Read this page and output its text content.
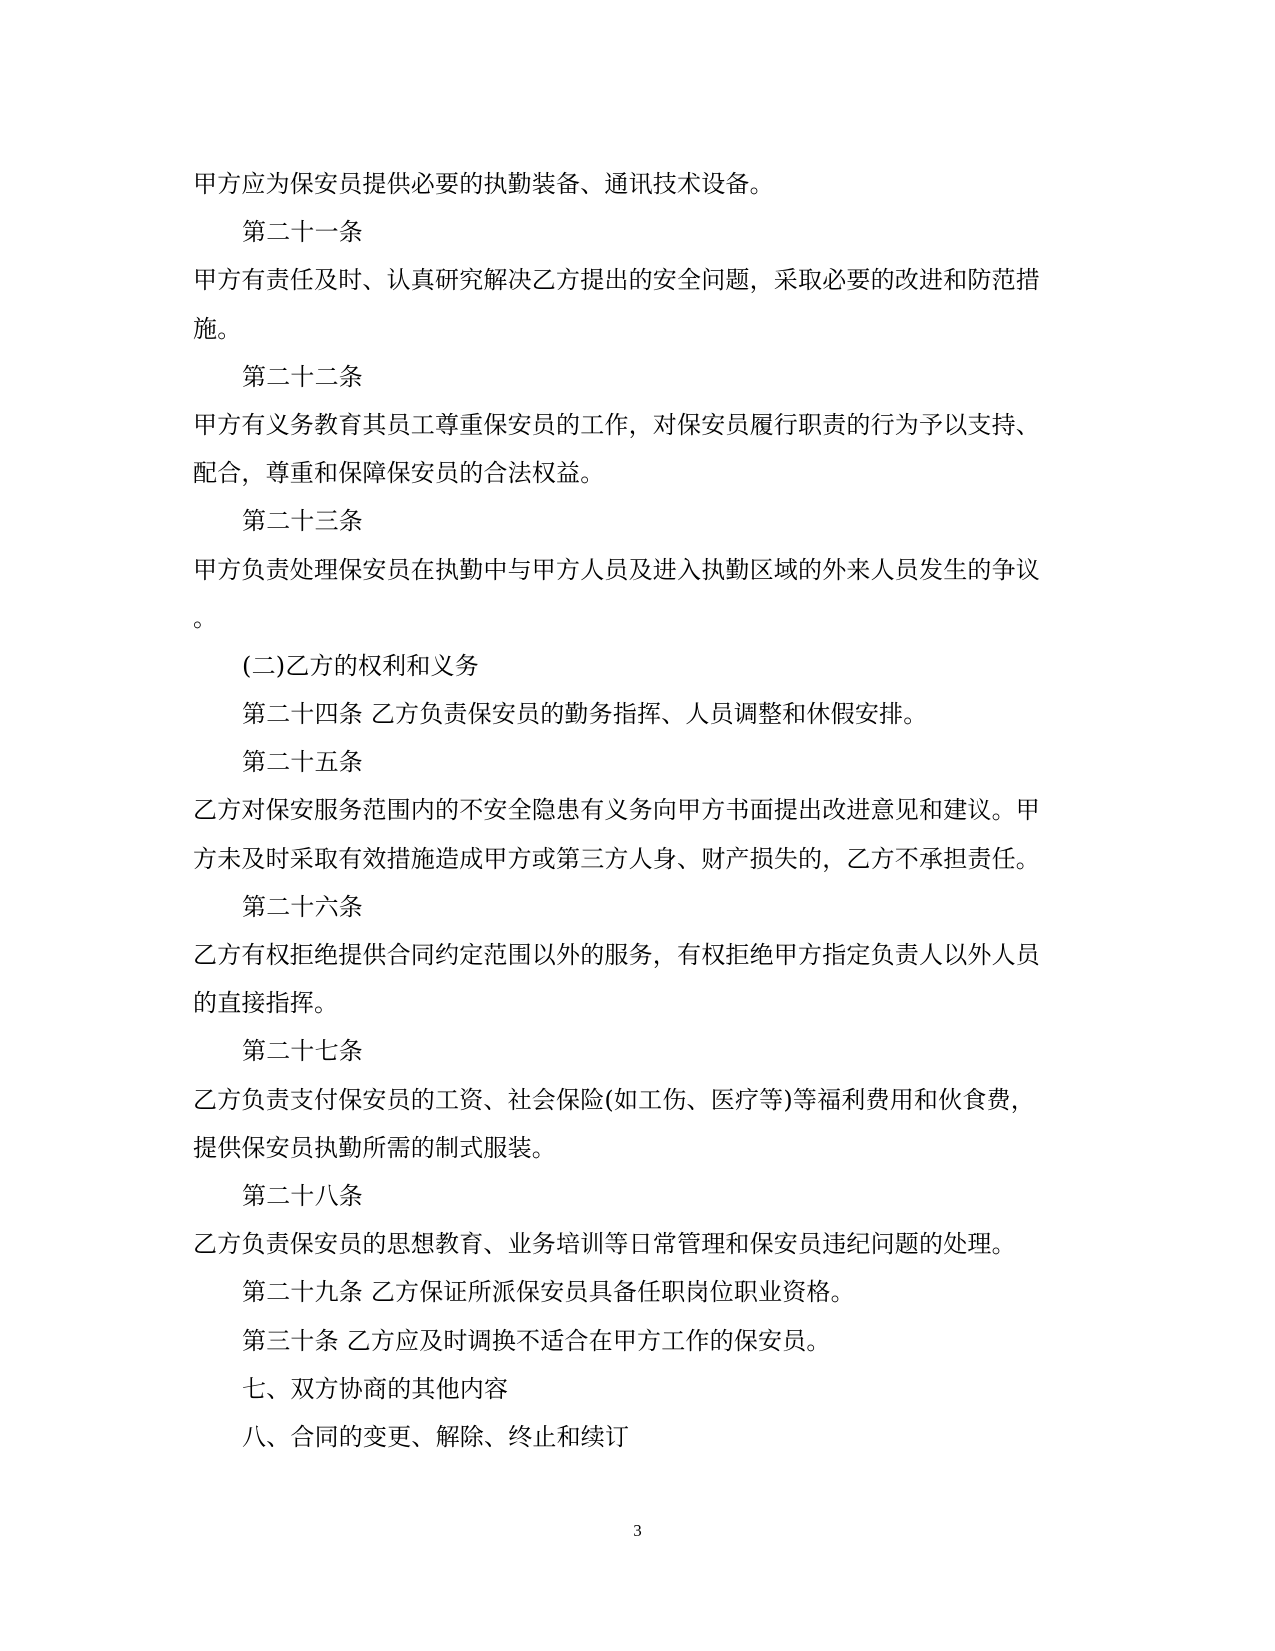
甲方应为保安员提供必要的执勤装备、通讯技术设备。
第二十一条
甲方有责任及时、认真研究解决乙方提出的安全问题，采取必要的改进和防范措
施。
第二十二条
甲方有义务教育其员工尊重保安员的工作，对保安员履行职责的行为予以支持、
配合，尊重和保障保安员的合法权益。
第二十三条
甲方负责处理保安员在执勤中与甲方人员及进入执勤区域的外来人员发生的争议
。
(二)乙方的权利和义务
第二十四条 乙方负责保安员的勤务指挥、人员调整和休假安排。
第二十五条
乙方对保安服务范围内的不安全隐患有义务向甲方书面提出改进意见和建议。甲
方未及时采取有效措施造成甲方或第三方人身、财产损失的，乙方不承担责任。
第二十六条
乙方有权拒绝提供合同约定范围以外的服务，有权拒绝甲方指定负责人以外人员
的直接指挥。
第二十七条
乙方负责支付保安员的工资、社会保险(如工伤、医疗等)等福利费用和伙食费，
提供保安员执勤所需的制式服装。
第二十八条
乙方负责保安员的思想教育、业务培训等日常管理和保安员违纪问题的处理。
第二十九条 乙方保证所派保安员具备任职岗位职业资格。
第三十条 乙方应及时调换不适合在甲方工作的保安员。
七、双方协商的其他内容
八、合同的变更、解除、终止和续订
3
